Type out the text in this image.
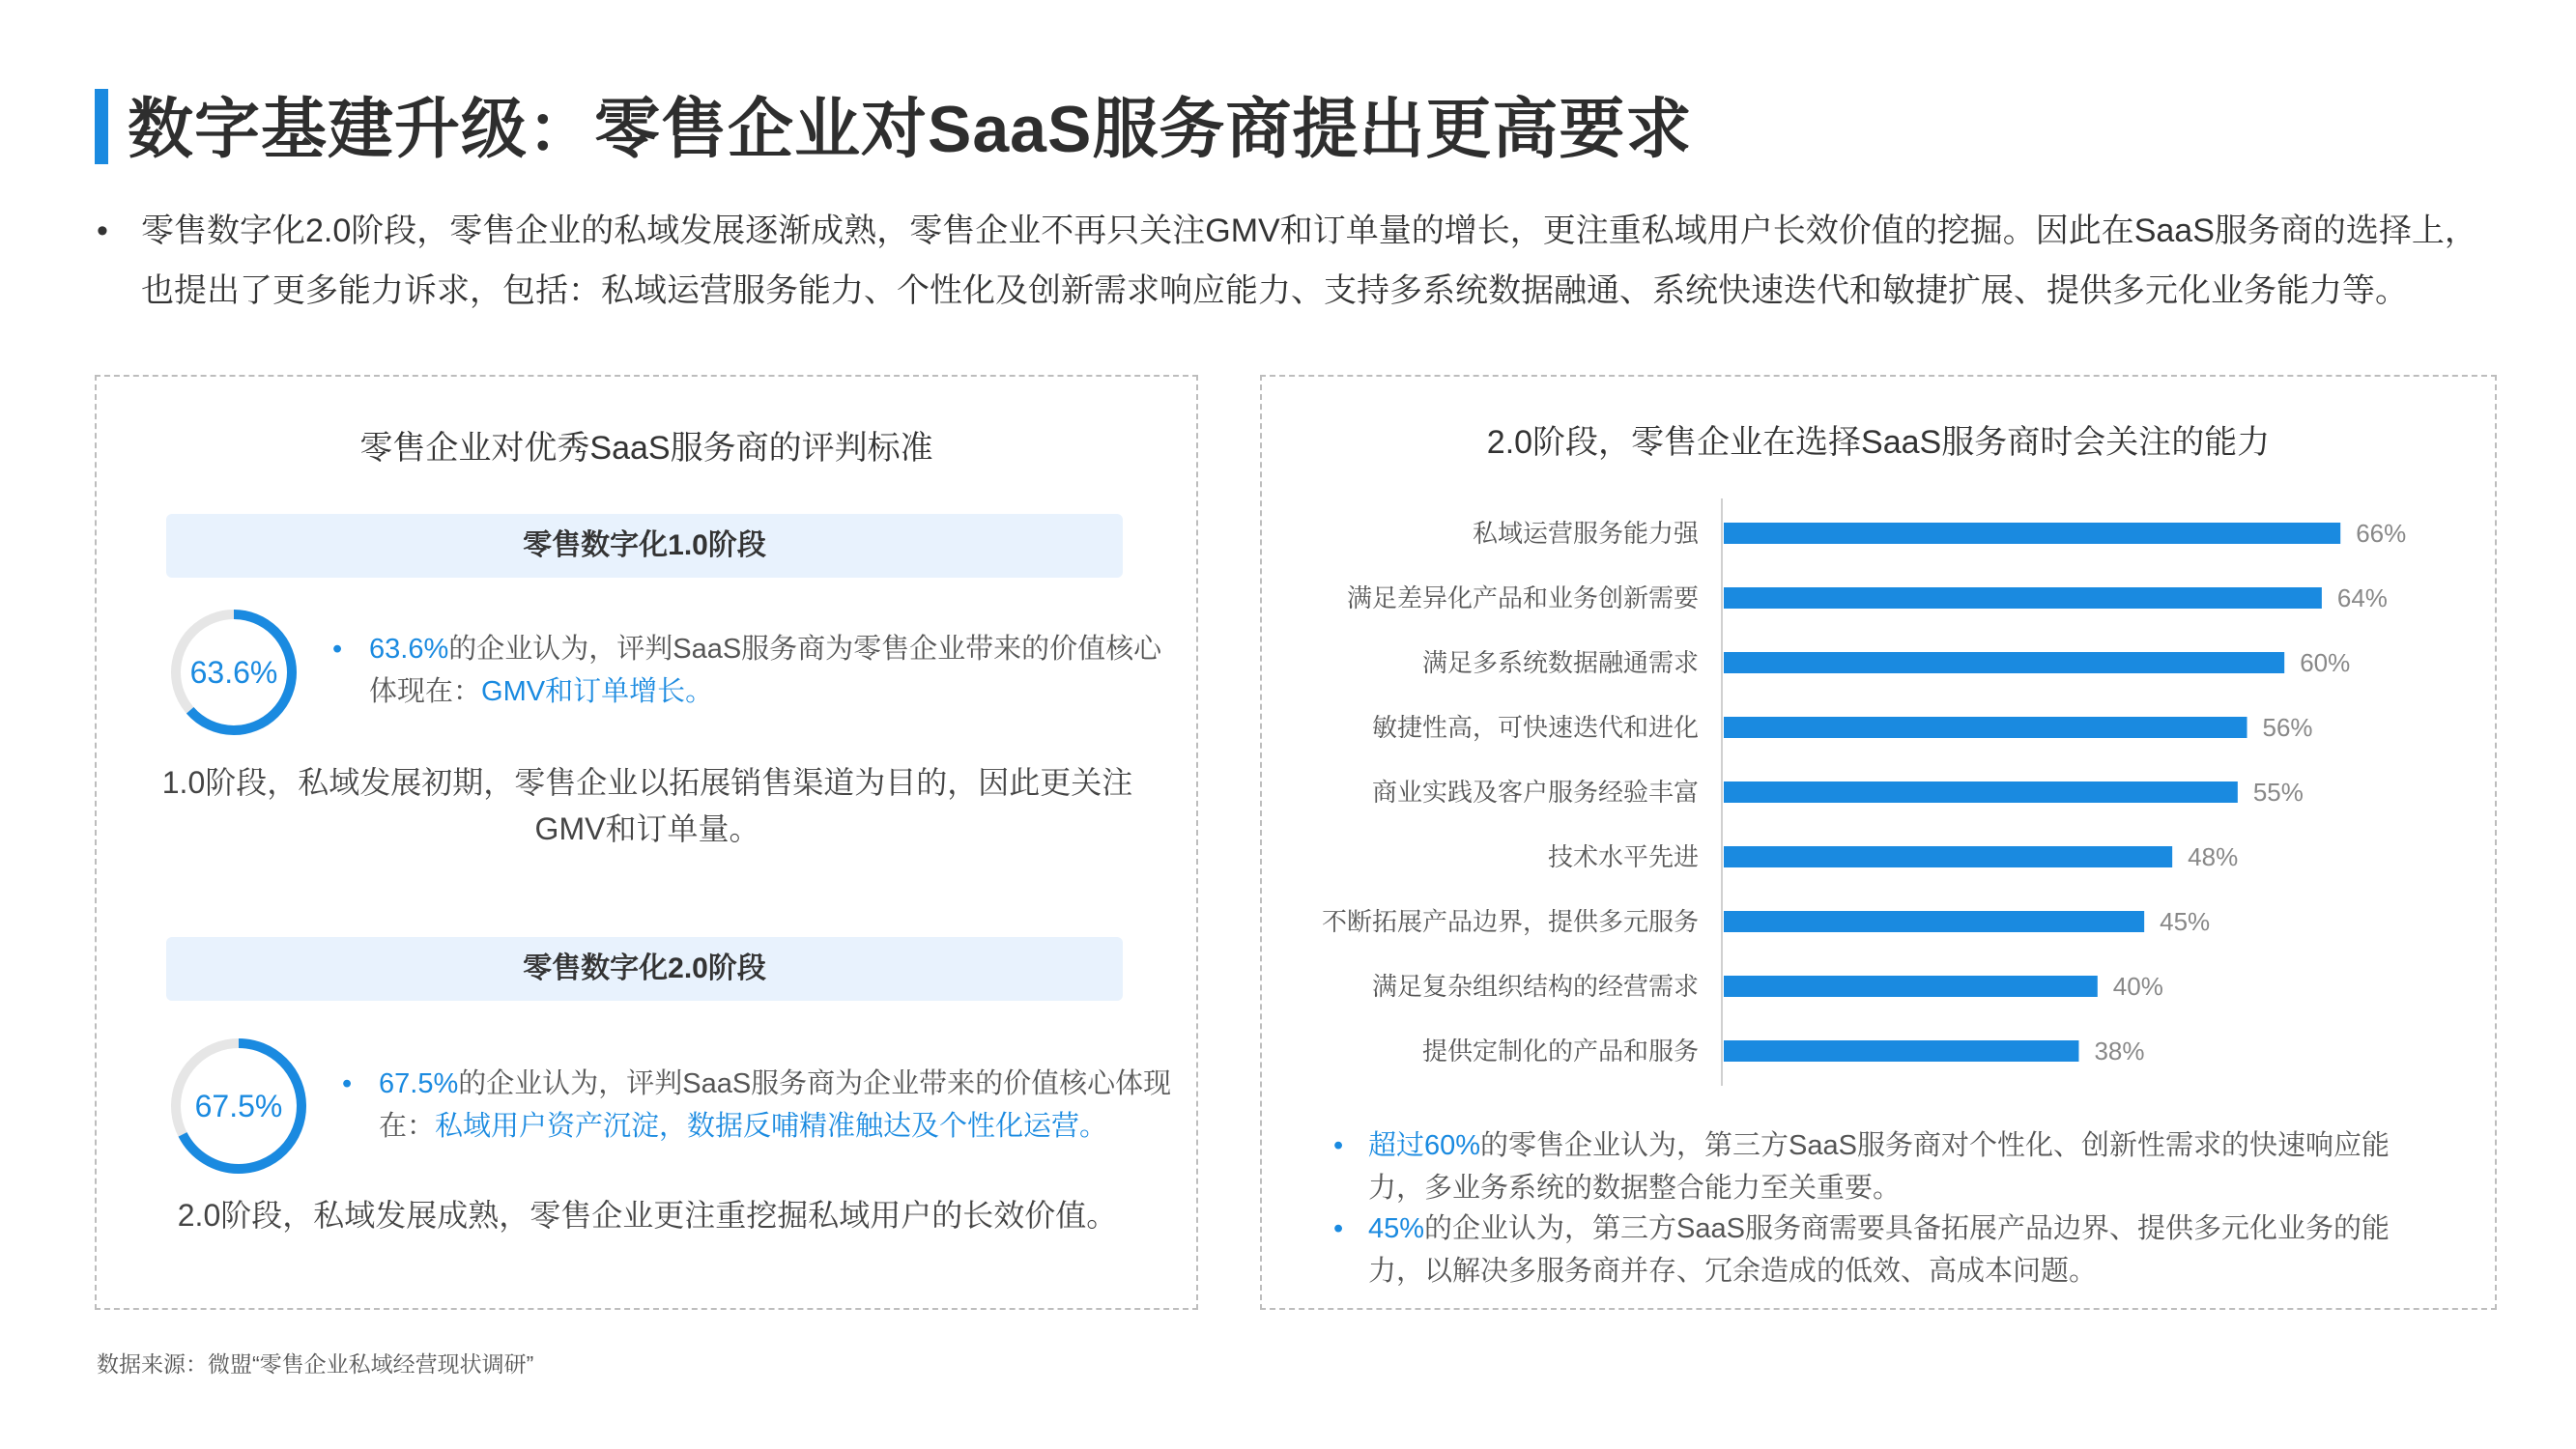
数字基建升级：零售企业对SaaS服务商提出更高要求
• 零售数字化2.0阶段，零售企业的私域发展逐渐成熟，零售企业不再只关注GMV和订单量的增长，更注重私域用户长效价值的挖掘。因此在SaaS服务商的选择上，也提出了更多能力诉求，包括：私域运营服务能力、个性化及创新需求响应能力、支持多系统数据融通、系统快速迭代和敏捷扩展、提供多元化业务能力等。
零售企业对优秀SaaS服务商的评判标准
零售数字化1.0阶段
63.6%
• 63.6%的企业认为，评判SaaS服务商为零售企业带来的价值核心体现在：GMV和订单增长。
1.0阶段，私域发展初期，零售企业以拓展销售渠道为目的，因此更关注GMV和订单量。
零售数字化2.0阶段
67.5%
• 67.5%的企业认为，评判SaaS服务商为企业带来的价值核心体现在：私域用户资产沉淀，数据反哺精准触达及个性化运营。
2.0阶段，私域发展成熟，零售企业更注重挖掘私域用户的长效价值。
2.0阶段，零售企业在选择SaaS服务商时会关注的能力
私域运营服务能力强	66%
满足差异化产品和业务创新需要	64%
满足多系统数据融通需求	60%
敏捷性高，可快速迭代和进化	56%
商业实践及客户服务经验丰富	55%
技术水平先进	48%
不断拓展产品边界，提供多元服务	45%
满足复杂组织结构的经营需求	40%
提供定制化的产品和服务	38%
• 超过60%的零售企业认为，第三方SaaS服务商对个性化、创新性需求的快速响应能力，多业务系统的数据整合能力至关重要。
• 45%的企业认为，第三方SaaS服务商需要具备拓展产品边界、提供多元化业务的能力，以解决多服务商并存、冗余造成的低效、高成本问题。
数据来源：微盟“零售企业私域经营现状调研”
